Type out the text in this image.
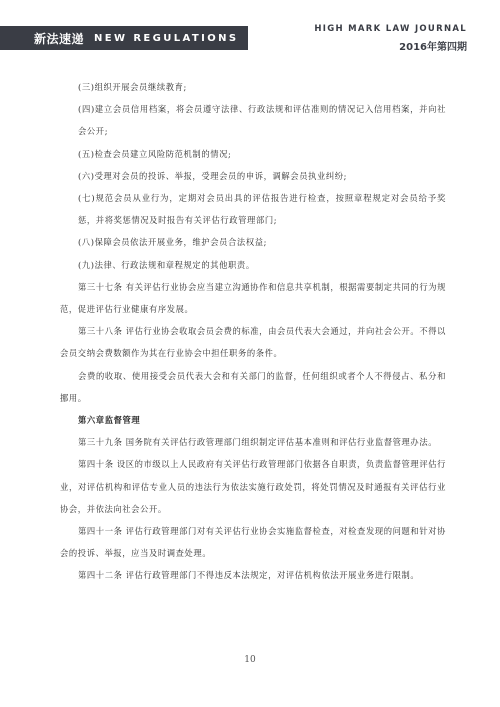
新法速递 NEW REGULATIONS
HIGH MARK LAW JOURNAL
2016年第四期

(三)组织开展会员继续教育;

(四)建立会员信用档案，将会员遵守法律、行政法规和评估准则的情况记入信用档案，并向社会公开;

(五)检查会员建立风险防范机制的情况;

(六)受理对会员的投诉、举报，受理会员的申诉，调解会员执业纠纷;

(七)规范会员从业行为，定期对会员出具的评估报告进行检查，按照章程规定对会员给予奖惩，并将奖惩情况及时报告有关评估行政管理部门;

(八)保障会员依法开展业务，维护会员合法权益;

(九)法律、行政法规和章程规定的其他职责。

第三十七条 有关评估行业协会应当建立沟通协作和信息共享机制，根据需要制定共同的行为规范，促进评估行业健康有序发展。

第三十八条 评估行业协会收取会员会费的标准，由会员代表大会通过，并向社会公开。不得以会员交纳会费数额作为其在行业协会中担任职务的条件。

会费的收取、使用接受会员代表大会和有关部门的监督，任何组织或者个人不得侵占、私分和挪用。

第六章监督管理

第三十九条 国务院有关评估行政管理部门组织制定评估基本准则和评估行业监督管理办法。

第四十条 设区的市级以上人民政府有关评估行政管理部门依据各自职责，负责监督管理评估行业，对评估机构和评估专业人员的违法行为依法实施行政处罚，将处罚情况及时通报有关评估行业协会，并依法向社会公开。

第四十一条 评估行政管理部门对有关评估行业协会实施监督检查，对检查发现的问题和针对协会的投诉、举报，应当及时调查处理。

第四十二条 评估行政管理部门不得违反本法规定，对评估机构依法开展业务进行限制。

10
